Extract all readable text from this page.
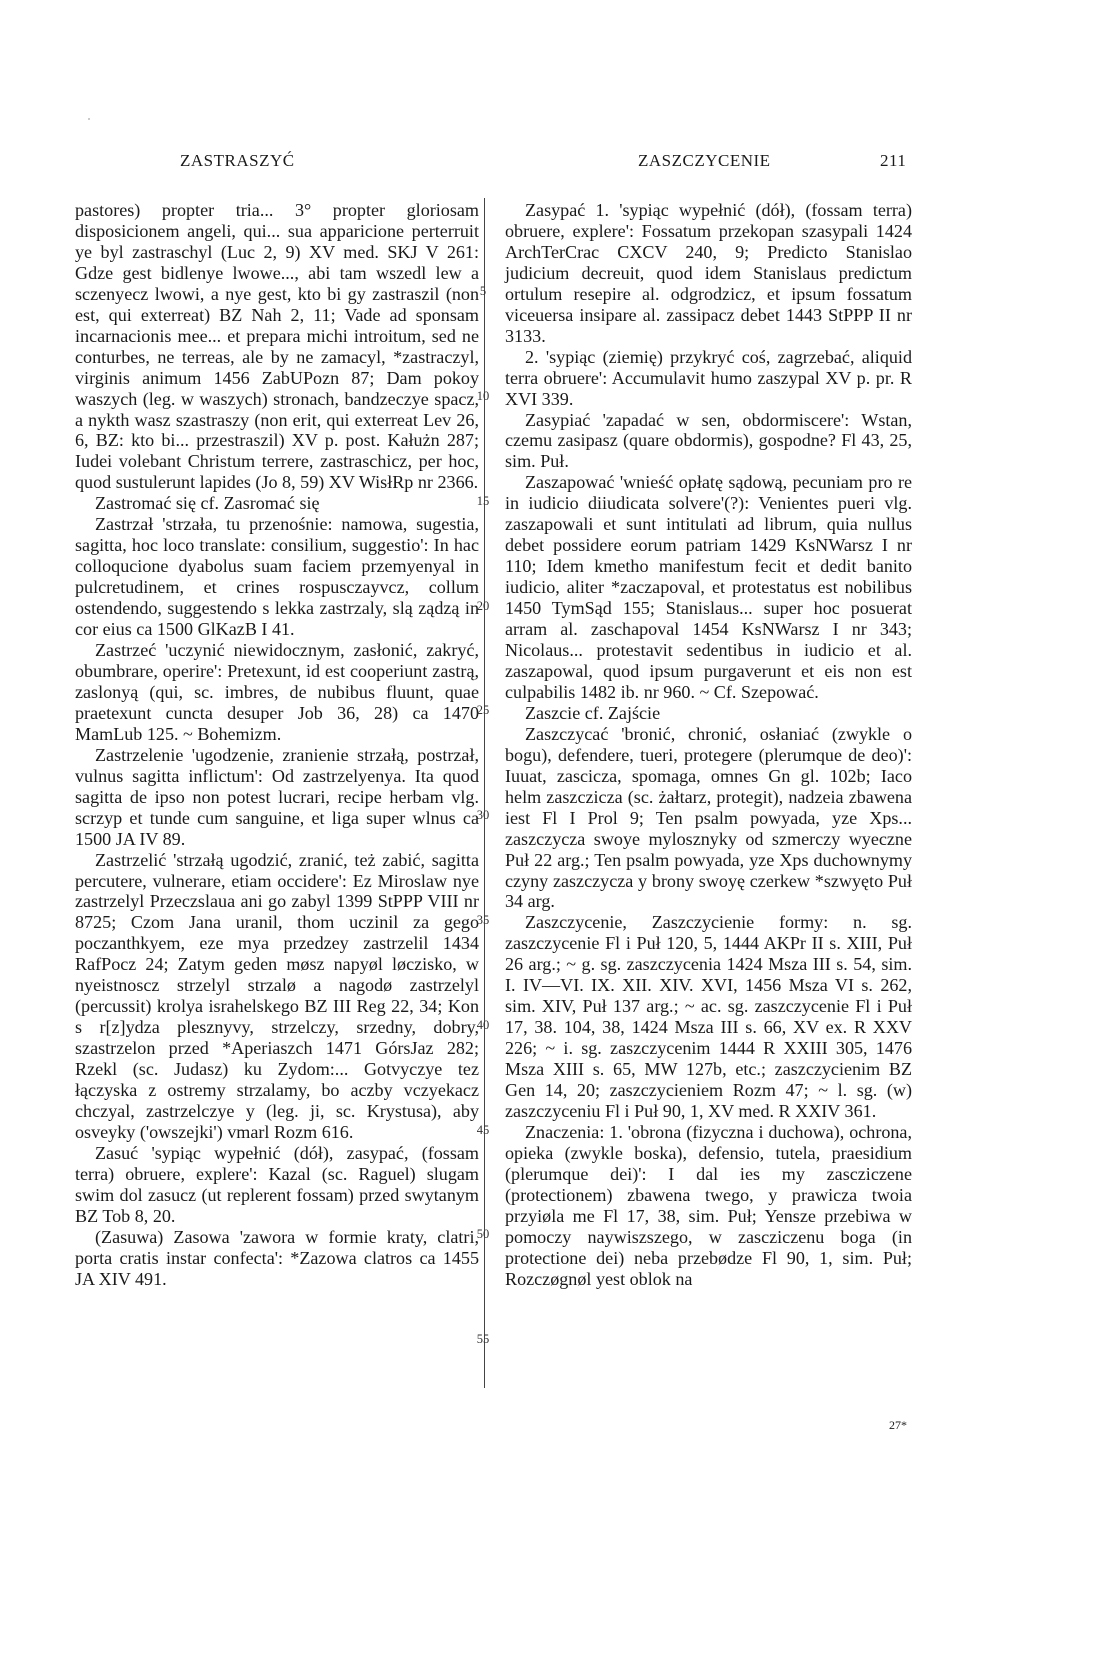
ZASTRASZYĆ	ZASZCZYCENIE	211

pastores) propter tria... 3° propter gloriosam disposicionem angeli, qui... sua apparicione perterruit ye byl zastraschyl (Luc 2, 9) XV med. SKJ V 261: Gdze gest bidlenye lwowe..., abi tam wszedl lew a sczenyecz lwowi, a nye gest, kto bi gy zastraszil (non est, qui exterreat) BZ Nah 2, 11; Vade ad sponsam incarnacionis mee... et prepara michi introitum, sed ne conturbes, ne terreas, ale by ne zamacyl, *zastraczyl, virginis animum 1456 ZabUPozn 87; Dam pokoy waszych (leg. w waszych) stronach, bandzeczye spacz, a nykth wasz szastraszy (non erit, qui exterreat Lev 26, 6, BZ: kto bi... przestraszil) XV p. post. Kałużn 287; Iudei volebant Christum terrere, zastraschicz, per hoc, quod sustulerunt lapides (Jo 8, 59) XV WisłRp nr 2366.

Zastromać się cf. Zasromać się

Zastrzał 'strzała, tu przenośnie: namowa, sugestia, sagitta, hoc loco translate: consilium, suggestio': In hac colloqucione dyabolus suam faciem przemyenyal in pulcretudinem, et crines rospusczayvcz, collum ostendendo, suggestendo s lekka zastrzaly, slą ządzą in cor eius ca 1500 GlKazB I 41.

Zastrzeć 'uczynić niewidocznym, zasłonić, zakryć, obumbrare, operire': Pretexunt, id est cooperiunt zastrą, zaslonyą (qui, sc. imbres, de nubibus fluunt, quae praetexunt cuncta desuper Job 36, 28) ca 1470 MamLub 125. ~ Bohemizm.

Zastrzelenie 'ugodzenie, zranienie strzałą, postrzał, vulnus sagitta inflictum': Od zastrzelyenya. Ita quod sagitta de ipso non potest lucrari, recipe herbam vlg. scrzyp et tunde cum sanguine, et liga super wlnus ca 1500 JA IV 89.

Zastrzelić 'strzałą ugodzić, zranić, też zabić, sagitta percutere, vulnerare, etiam occidere': Ez Miroslaw nye zastrzelyl Przeczslaua ani go zabyl 1399 StPPP VIII nr 8725; Czom Jana uranil, thom uczinil za gego poczanthkyem, eze mya przedzey zastrzelil 1434 RafPocz 24; Zatym geden møsz napyøl løczisko, w nyeistnoscz strzelyl strzalø a nagodø zastrzelyl (percussit) krolya israhelskego BZ III Reg 22, 34; Kon s r[z]ydza plesznyvy, strzelczy, srzedny, dobry, szastrzelon przed *Aperiaszch 1471 GórsJaz 282; Rzekl (sc. Judasz) ku Zydom:... Gotvyczye tez łączyska z ostremy strzalamy, bo aczby vczyekacz chczyal, zastrzelczye y (leg. ji, sc. Krystusa), aby osveyky ('owszejki') vmarl Rozm 616.

Zasuć 'sypiąc wypełnić (dół), zasypać, (fossam terra) obruere, explere': Kazal (sc. Raguel) slugam swim dol zasucz (ut replerent fossam) przed swytanym BZ Tob 8, 20.

(Zasuwa) Zasowa 'zawora w formie kraty, clatri, porta cratis instar confecta': *Zazowa clatros ca 1455 JA XIV 491.

5
10
15
20
25
30
35
40
45
50
55

Zasypać 1. 'sypiąc wypełnić (dół), (fossam terra) obruere, explere': Fossatum przekopan szasypali 1424 ArchTerCrac CXCV 240, 9; Predicto Stanislao judicium decreuit, quod idem Stanislaus predictum ortulum resepire al. odgrodzicz, et ipsum fossatum viceuersa insipare al. zassipacz debet 1443 StPPP II nr 3133.

2. 'sypiąc (ziemię) przykryć coś, zagrzebać, aliquid terra obruere': Accumulavit humo zaszypal XV p. pr. R XVI 339.

Zasypiać 'zapadać w sen, obdormiscere': Wstan, czemu zasipasz (quare obdormis), gospodne? Fl 43, 25, sim. Puł.

Zaszapować 'wnieść opłatę sądową, pecuniam pro re in iudicio diiudicata solvere'(?): Venientes pueri vlg. zaszapowali et sunt intitulati ad librum, quia nullus debet possidere eorum patriam 1429 KsNWarsz I nr 110; Idem kmetho manifestum fecit et dedit banito iudicio, aliter *zaczapoval, et protestatus est nobilibus 1450 TymSąd 155; Stanislaus... super hoc posuerat arram al. zaschapoval 1454 KsNWarsz I nr 343; Nicolaus... protestavit sedentibus in iudicio et al. zaszapowal, quod ipsum purgaverunt et eis non est culpabilis 1482 ib. nr 960. ~ Cf. Szepować.

Zaszcie cf. Zajście

Zaszczycać 'bronić, chronić, osłaniać (zwykle o bogu), defendere, tueri, protegere (plerumque de deo)': Iuuat, zascicza, spomaga, omnes Gn gl. 102b; Iaco helm zaszczicza (sc. żałtarz, protegit), nadzeia zbawena iest Fl I Prol 9; Ten psalm powyada, yze Xps... zaszczycza swoye mylosznyky od szmerczy wyeczne Puł 22 arg.; Ten psalm powyada, yze Xps duchownymy czyny zaszczycza y brony swoyę czerkew *szwyęto Puł 34 arg.

Zaszczycenie, Zaszczycienie formy: n. sg. zaszczycenie Fl i Puł 120, 5, 1444 AKPr II s. XIII, Puł 26 arg.; ~ g. sg. zaszczycenia 1424 Msza III s. 54, sim. I. IV—VI. IX. XII. XIV. XVI, 1456 Msza VI s. 262, sim. XIV, Puł 137 arg.; ~ ac. sg. zaszczycenie Fl i Puł 17, 38. 104, 38, 1424 Msza III s. 66, XV ex. R XXV 226; ~ i. sg. zaszczycenim 1444 R XXIII 305, 1476 Msza XIII s. 65, MW 127b, etc.; zaszczycienim BZ Gen 14, 20; zaszczycieniem Rozm 47; ~ l. sg. (w) zaszczyceniu Fl i Puł 90, 1, XV med. R XXIV 361.

Znaczenia: 1. 'obrona (fizyczna i duchowa), ochrona, opieka (zwykle boska), defensio, tutela, praesidium (plerumque dei)': I dal ies my zascziczene (protectionem) zbawena twego, y prawicza twoia przyiøla me Fl 17, 38, sim. Puł; Yensze przebiwa w pomoczy naywiszszego, w zascziczenu boga (in protectione dei) neba przebødze Fl 90, 1, sim. Puł; Rozczøgnøl yest oblok na

27*
